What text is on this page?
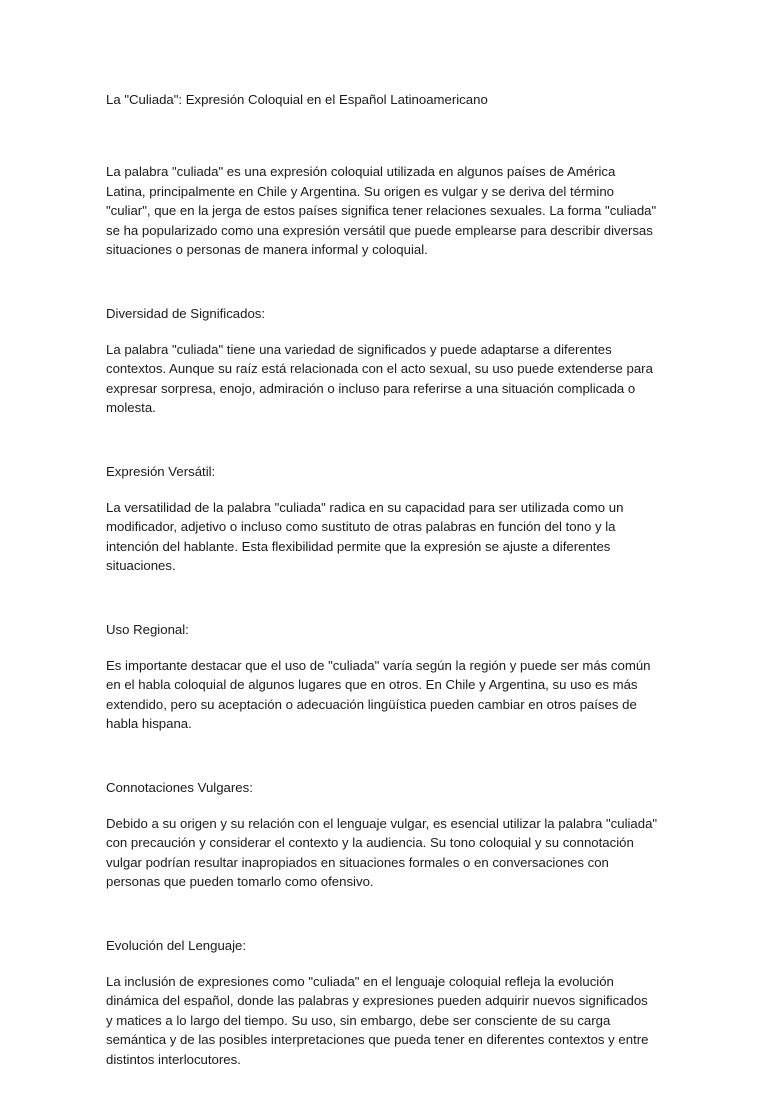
La "Culiada": Expresión Coloquial en el Español Latinoamericano

La palabra "culiada" es una expresión coloquial utilizada en algunos países de América Latina, principalmente en Chile y Argentina. Su origen es vulgar y se deriva del término "culiar", que en la jerga de estos países significa tener relaciones sexuales. La forma "culiada" se ha popularizado como una expresión versátil que puede emplearse para describir diversas situaciones o personas de manera informal y coloquial.

Diversidad de Significados:

La palabra "culiada" tiene una variedad de significados y puede adaptarse a diferentes contextos. Aunque su raíz está relacionada con el acto sexual, su uso puede extenderse para expresar sorpresa, enojo, admiración o incluso para referirse a una situación complicada o molesta.

Expresión Versátil:

La versatilidad de la palabra "culiada" radica en su capacidad para ser utilizada como un modificador, adjetivo o incluso como sustituto de otras palabras en función del tono y la intención del hablante. Esta flexibilidad permite que la expresión se ajuste a diferentes situaciones.

Uso Regional:

Es importante destacar que el uso de "culiada" varía según la región y puede ser más común en el habla coloquial de algunos lugares que en otros. En Chile y Argentina, su uso es más extendido, pero su aceptación o adecuación lingüística pueden cambiar en otros países de habla hispana.

Connotaciones Vulgares:

Debido a su origen y su relación con el lenguaje vulgar, es esencial utilizar la palabra "culiada" con precaución y considerar el contexto y la audiencia. Su tono coloquial y su connotación vulgar podrían resultar inapropiados en situaciones formales o en conversaciones con personas que pueden tomarlo como ofensivo.

Evolución del Lenguaje:

La inclusión de expresiones como "culiada" en el lenguaje coloquial refleja la evolución dinámica del español, donde las palabras y expresiones pueden adquirir nuevos significados y matices a lo largo del tiempo. Su uso, sin embargo, debe ser consciente de su carga semántica y de las posibles interpretaciones que pueda tener en diferentes contextos y entre distintos interlocutores.
